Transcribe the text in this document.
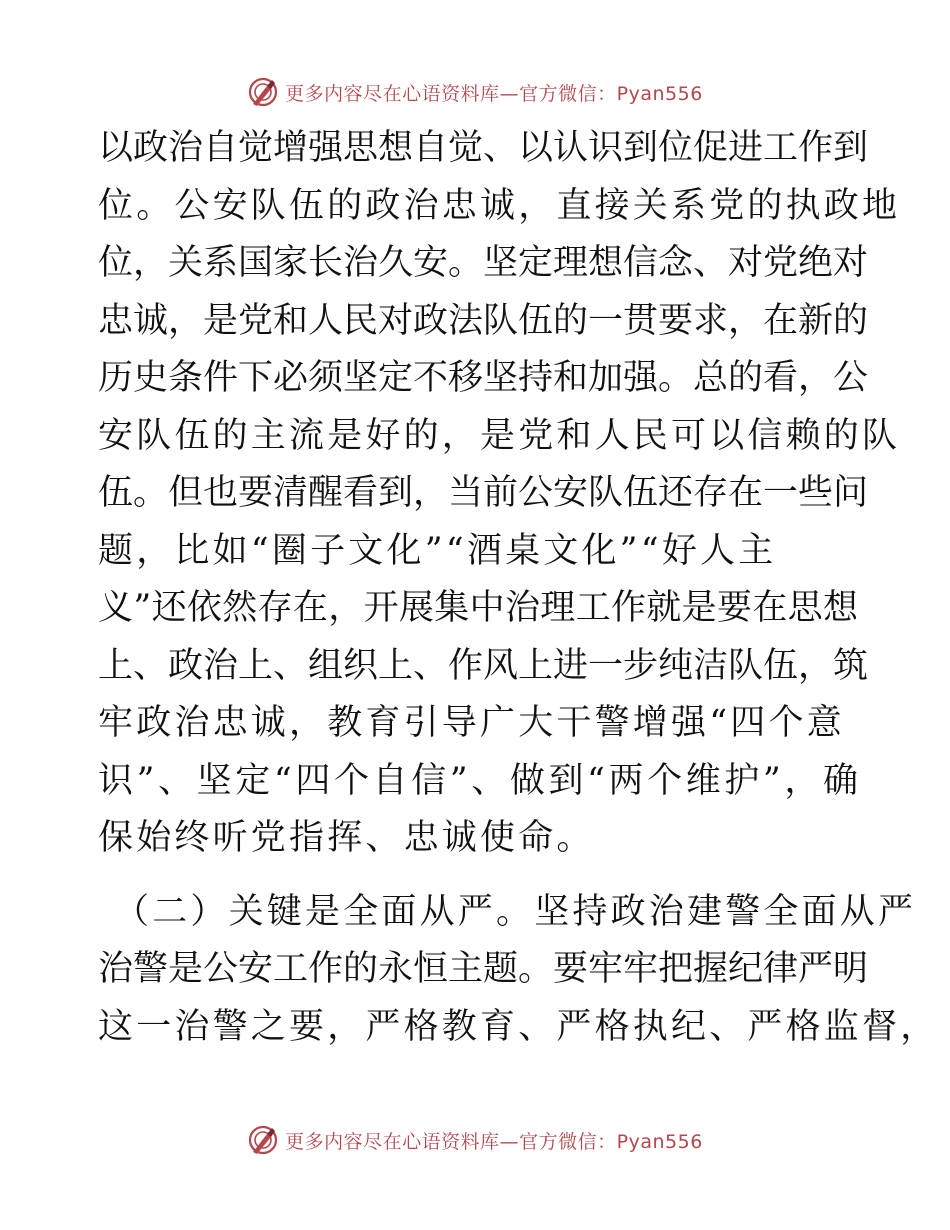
更多内容尽在心语资料库—官方微信：Pyan556
以政治自觉增强思想自觉、以认识到位促进工作到
位。公安队伍的政治忠诚，直接关系党的执政地
位，关系国家长治久安。坚定理想信念、对党绝对
忠诚，是党和人民对政法队伍的一贯要求，在新的
历史条件下必须坚定不移坚持和加强。总的看，公
安队伍的主流是好的，是党和人民可以信赖的队
伍。但也要清醒看到，当前公安队伍还存在一些问
题，比如“圈子文化”“酒桌文化”“好人主
义”还依然存在，开展集中治理工作就是要在思想
上、政治上、组织上、作风上进一步纯洁队伍，筑
牢政治忠诚，教育引导广大干警增强“四个意
识”、坚定“四个自信”、做到“两个维护”，确
保始终听党指挥、忠诚使命。
（二）关键是全面从严。坚持政治建警全面从严
治警是公安工作的永恒主题。要牢牢把握纪律严明
这一治警之要，严格教育、严格执纪、严格监督，
更多内容尽在心语资料库—官方微信：Pyan556
